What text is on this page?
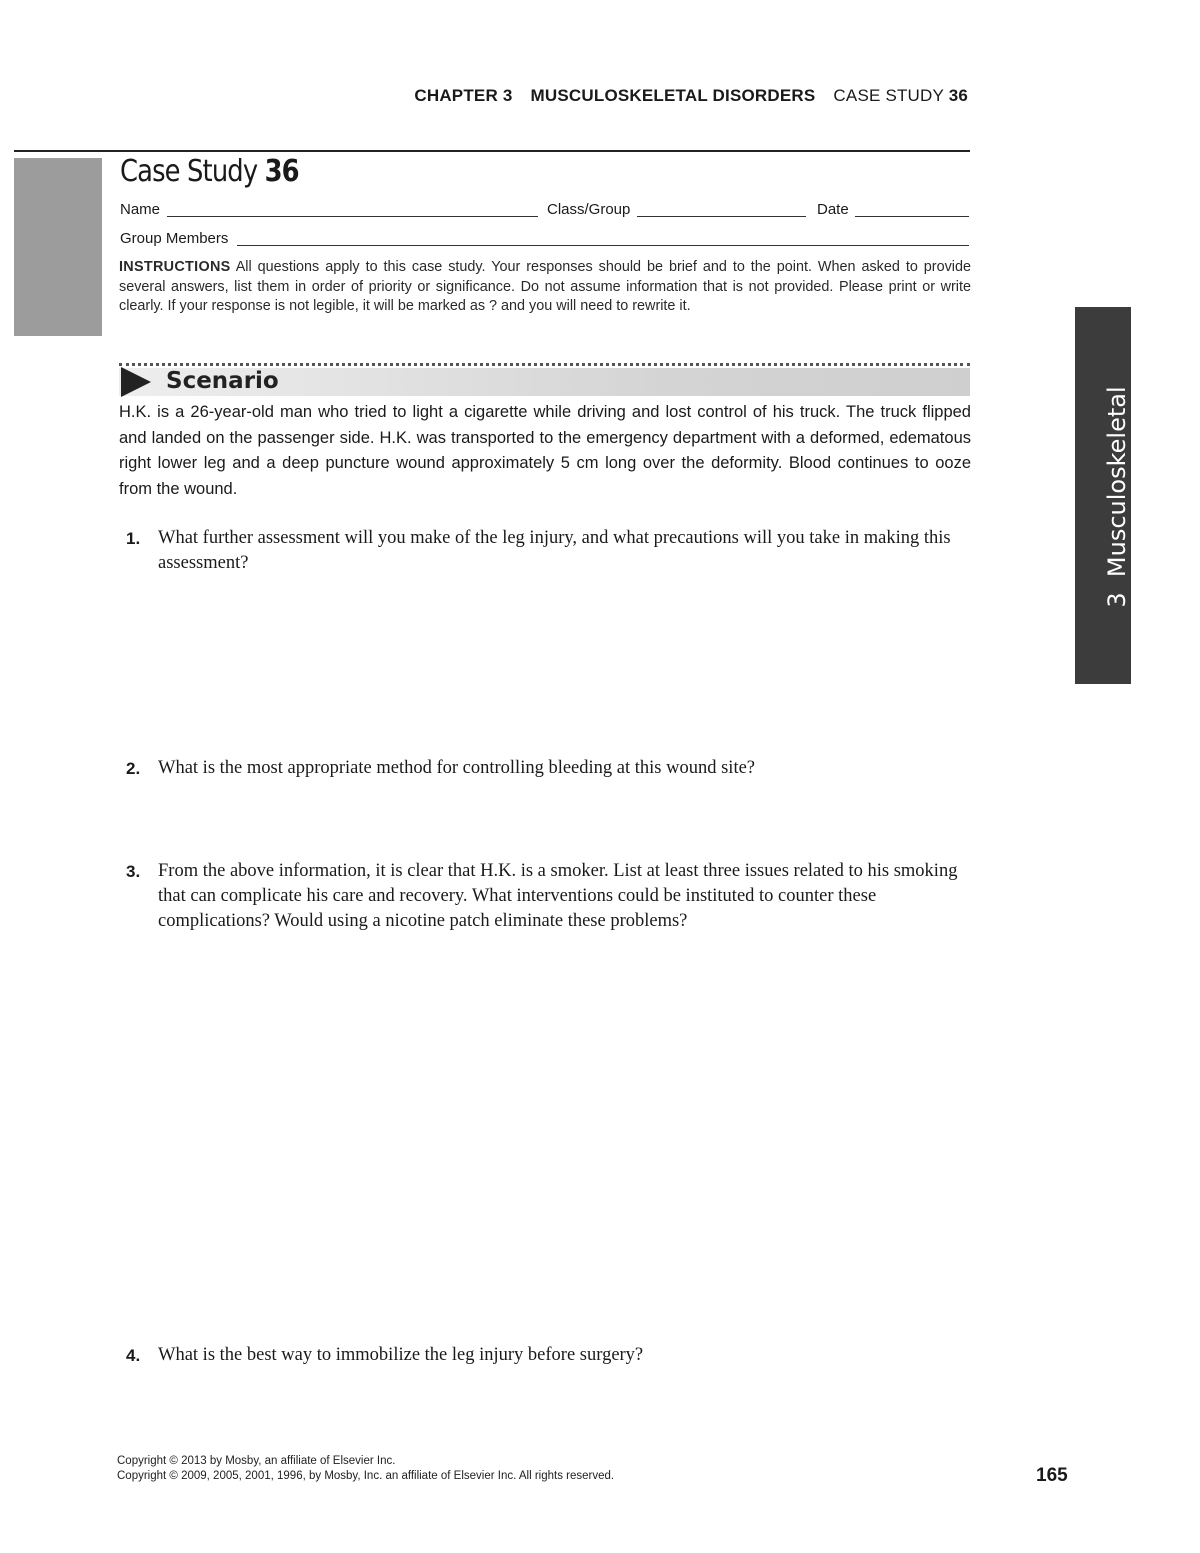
CHAPTER 3 MUSCULOSKELETAL DISORDERS CASE STUDY 36
Case Study 36
Name	Class/Group	Date
Group Members

INSTRUCTIONS All questions apply to this case study. Your responses should be brief and to the point. When asked to provide several answers, list them in order of priority or significance. Do not assume information that is not provided. Please print or write clearly. If your response is not legible, it will be marked as ? and you will need to rewrite it.

Scenario

H.K. is a 26-year-old man who tried to light a cigarette while driving and lost control of his truck. The truck flipped and landed on the passenger side. H.K. was transported to the emergency department with a deformed, edematous right lower leg and a deep puncture wound approximately 5 cm long over the deformity. Blood continues to ooze from the wound.

1. What further assessment will you make of the leg injury, and what precautions will you take in making this assessment?
2. What is the most appropriate method for controlling bleeding at this wound site?
3. From the above information, it is clear that H.K. is a smoker. List at least three issues related to his smoking that can complicate his care and recovery. What interventions could be instituted to counter these complications? Would using a nicotine patch eliminate these problems?
4. What is the best way to immobilize the leg injury before surgery?
3  Musculoskeletal
Copyright © 2013 by Mosby, an affiliate of Elsevier Inc.
Copyright © 2009, 2005, 2001, 1996, by Mosby, Inc. an affiliate of Elsevier Inc. All rights reserved.	165
